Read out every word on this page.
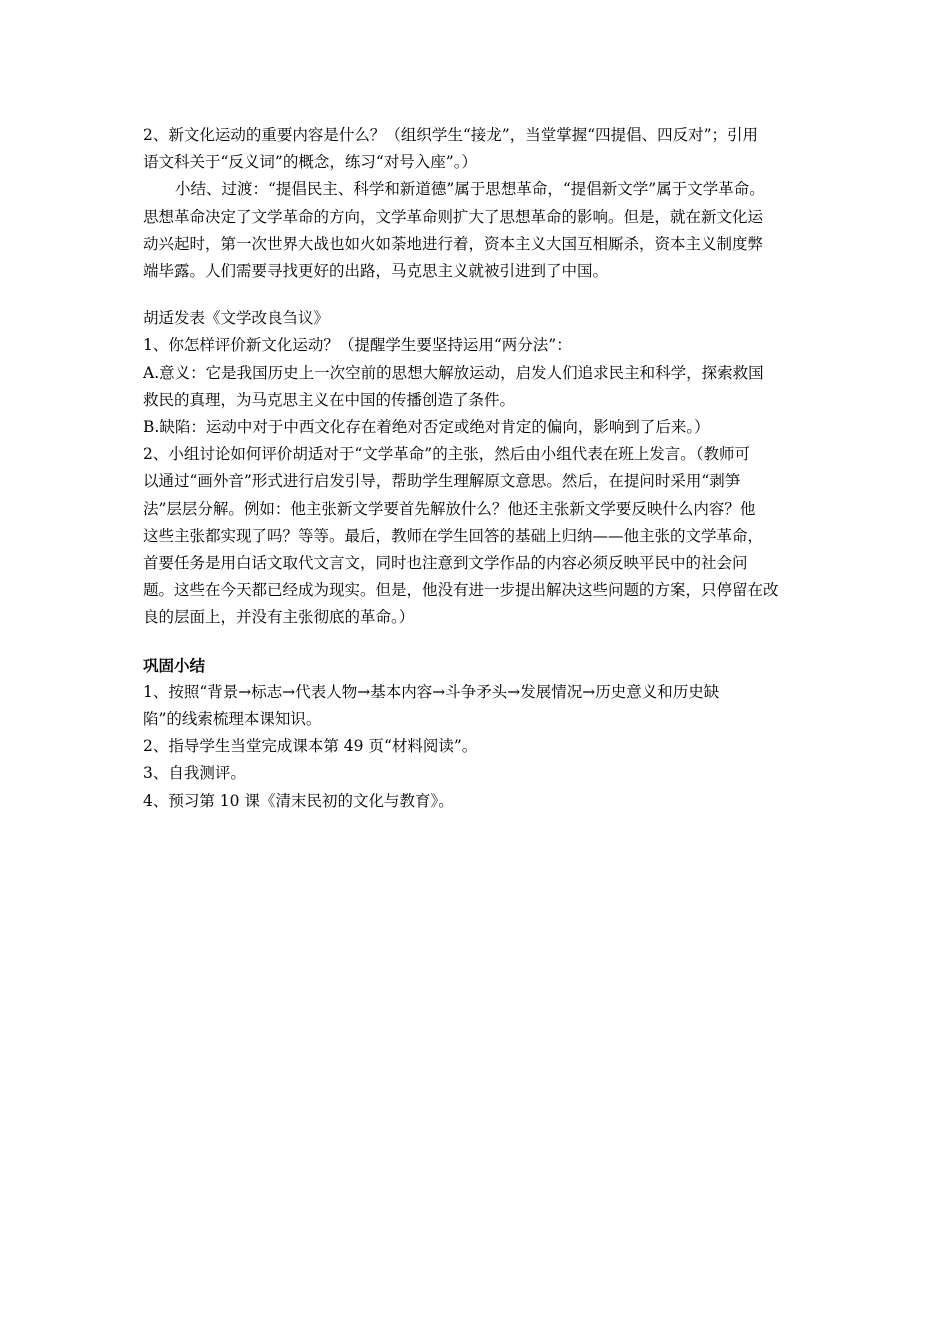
2、新文化运动的重要内容是什么？（组织学生“接龙”，当堂掌握“四提倡、四反对”；引用

语文科关于“反义词”的概念，练习“对号入座”。）

小结、过渡：“提倡民主、科学和新道德”属于思想革命，“提倡新文学”属于文学革命。

思想革命决定了文学革命的方向，文学革命则扩大了思想革命的影响。但是，就在新文化运

动兴起时，第一次世界大战也如火如荼地进行着，资本主义大国互相厮杀，资本主义制度弊

端毕露。人们需要寻找更好的出路，马克思主义就被引进到了中国。

胡适发表《文学改良刍议》

1、你怎样评价新文化运动？（提醒学生要坚持运用“两分法”：

A.意义：它是我国历史上一次空前的思想大解放运动，启发人们追求民主和科学，探索救国

救民的真理，为马克思主义在中国的传播创造了条件。

B.缺陷：运动中对于中西文化存在着绝对否定或绝对肯定的偏向，影响到了后来。）

2、小组讨论如何评价胡适对于“文学革命”的主张，然后由小组代表在班上发言。（教师可

以通过“画外音”形式进行启发引导，帮助学生理解原文意思。然后，在提问时采用“剥笋

法”层层分解。例如：他主张新文学要首先解放什么？他还主张新文学要反映什么内容？他

这些主张都实现了吗？等等。最后，教师在学生回答的基础上归纳——他主张的文学革命，

首要任务是用白话文取代文言文，同时也注意到文学作品的内容必须反映平民中的社会问

题。这些在今天都已经成为现实。但是，他没有进一步提出解决这些问题的方案，只停留在改

良的层面上，并没有主张彻底的革命。）

巩固小结

1、按照“背景→标志→代表人物→基本内容→斗争矛头→发展情况→历史意义和历史缺

陷”的线索梳理本课知识。

2、指导学生当堂完成课本第 49 页“材料阅读”。

3、自我测评。

4、预习第 10 课《清末民初的文化与教育》。
